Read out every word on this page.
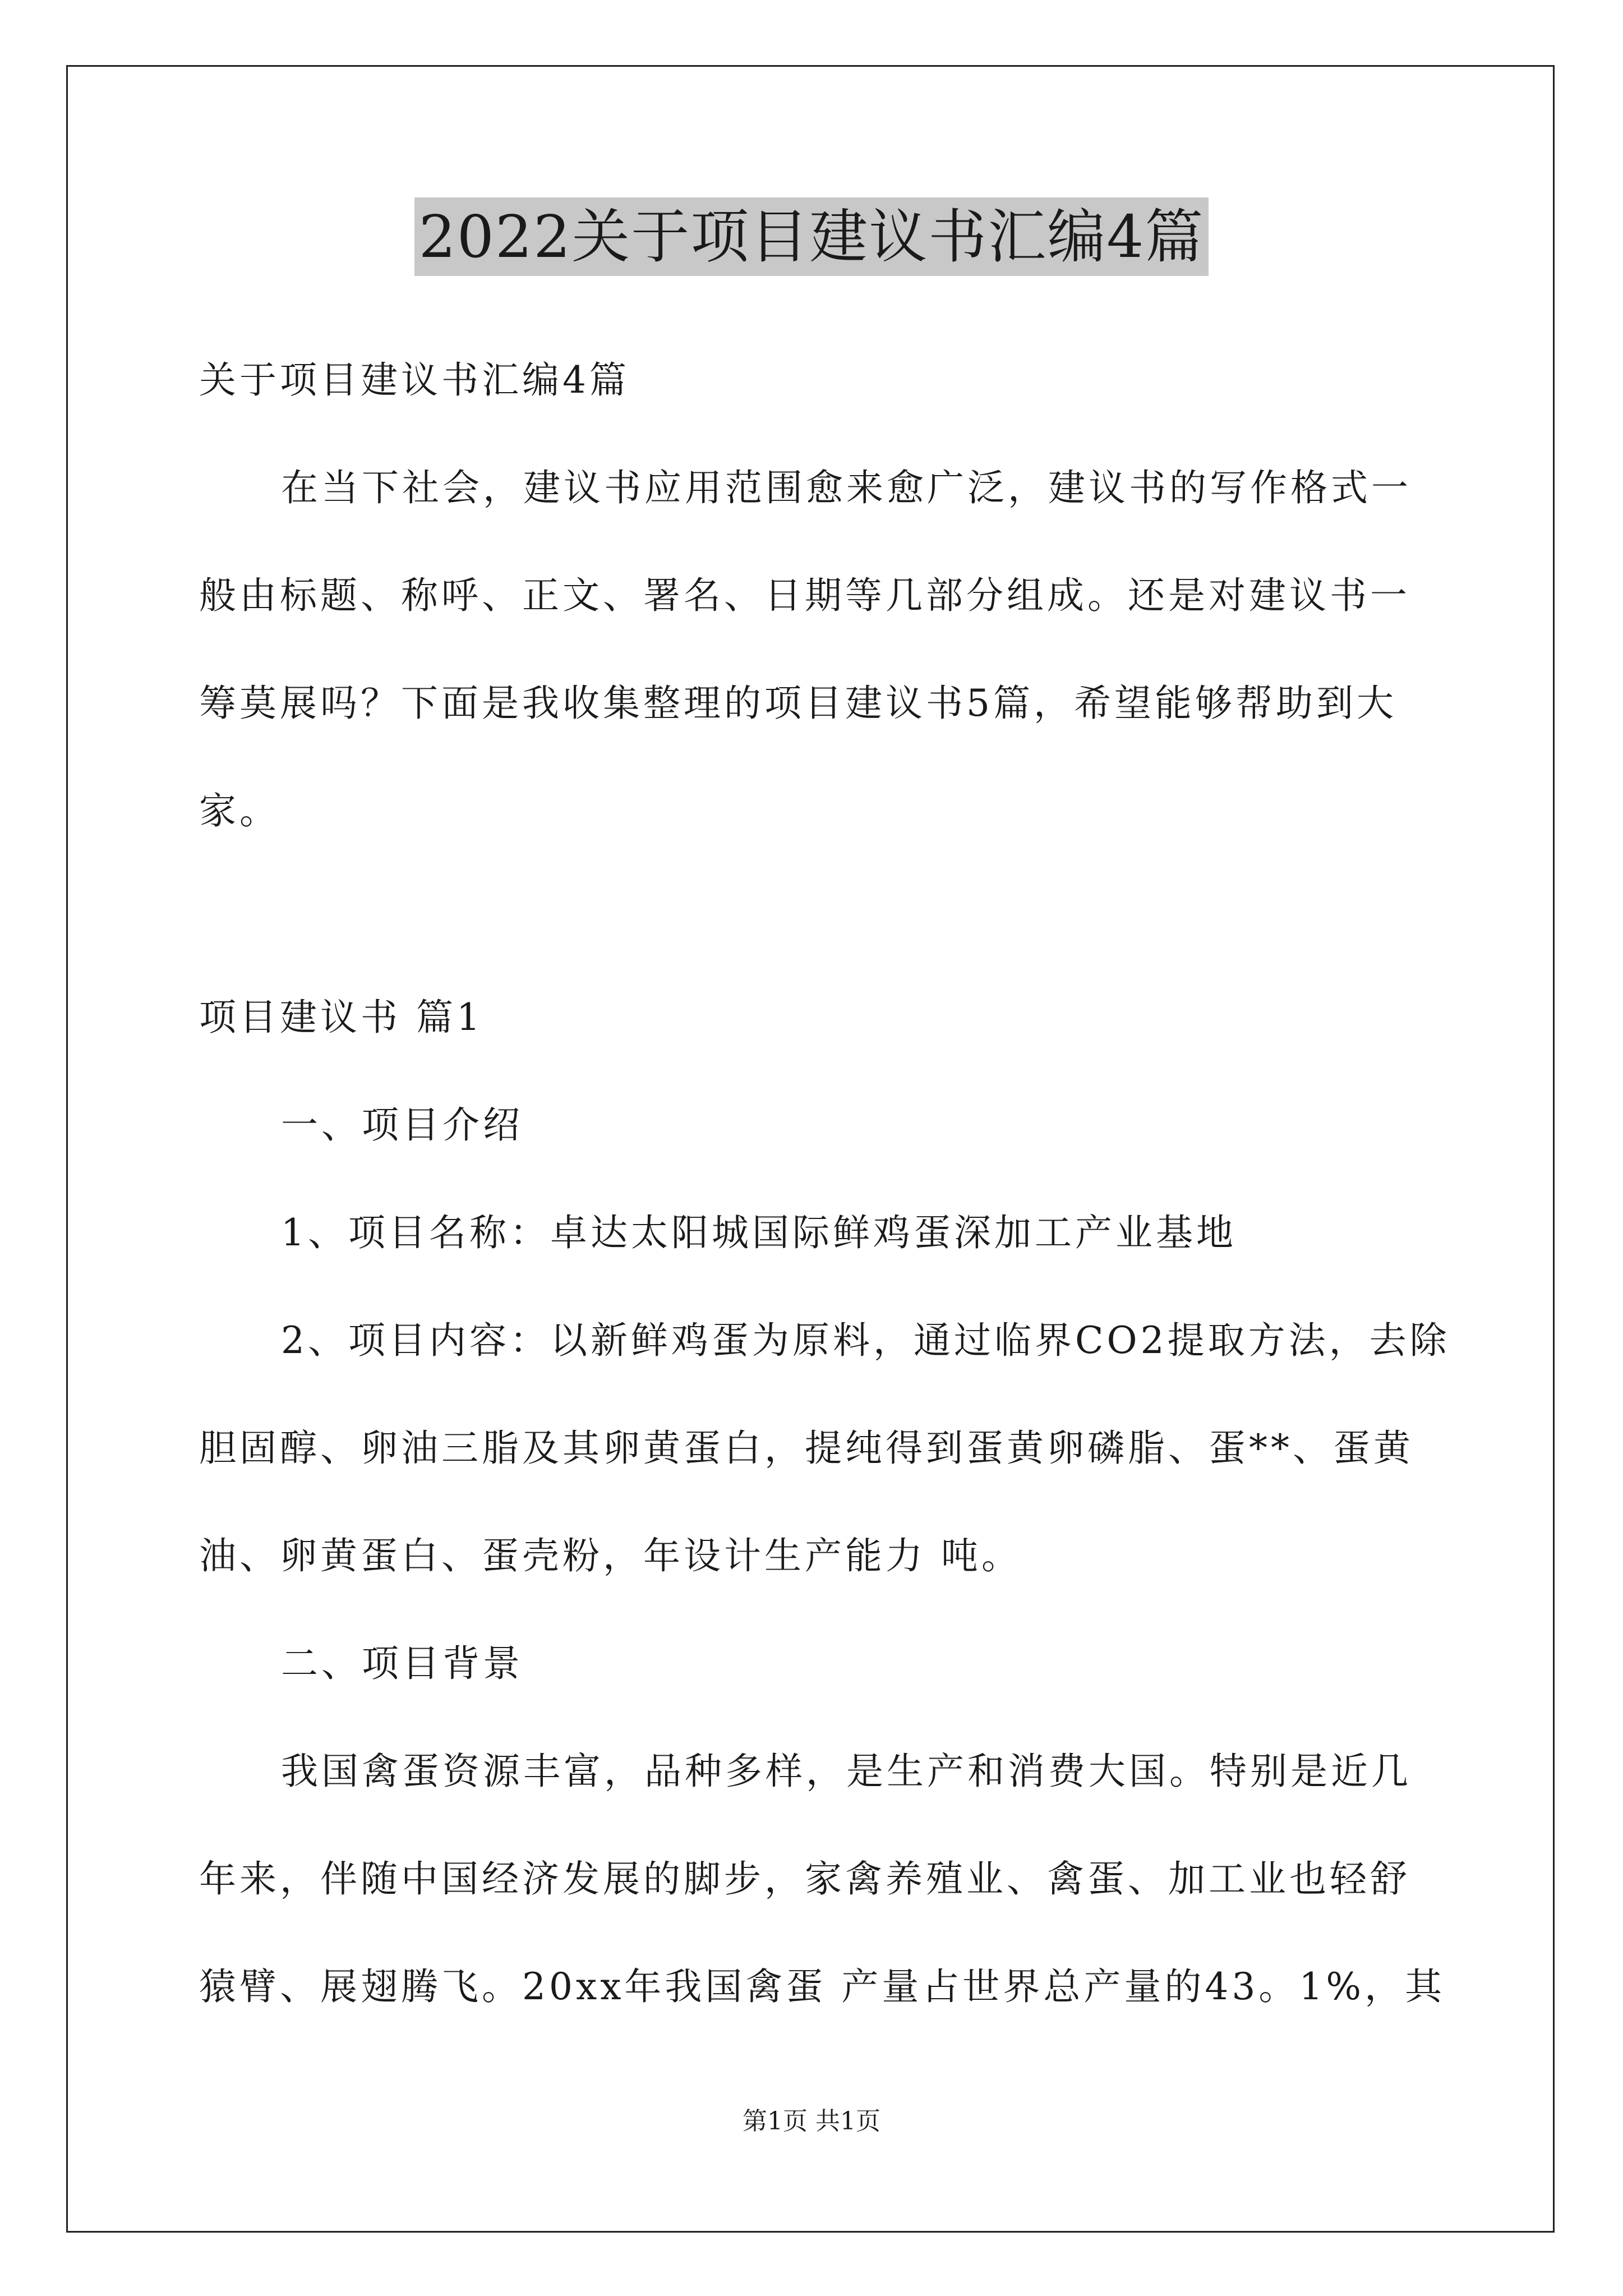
2022关于项目建议书汇编4篇
关于项目建议书汇编4篇
在当下社会，建议书应用范围愈来愈广泛，建议书的写作格式一
般由标题、称呼、正文、署名、日期等几部分组成。还是对建议书一
筹莫展吗？下面是我收集整理的项目建议书5篇，希望能够帮助到大
家。
项目建议书 篇1
一、项目介绍
1、项目名称：卓达太阳城国际鲜鸡蛋深加工产业基地
2、项目内容：以新鲜鸡蛋为原料，通过临界CO2提取方法，去除
胆固醇、卵油三脂及其卵黄蛋白，提纯得到蛋黄卵磷脂、蛋**、蛋黄
油、卵黄蛋白、蛋壳粉，年设计生产能力 吨。
二、项目背景
我国禽蛋资源丰富，品种多样，是生产和消费大国。特别是近几
年来，伴随中国经济发展的脚步，家禽养殖业、禽蛋、加工业也轻舒
猿臂、展翅腾飞。20xx年我国禽蛋 产量占世界总产量的43。1%，其
第1页 共1页
